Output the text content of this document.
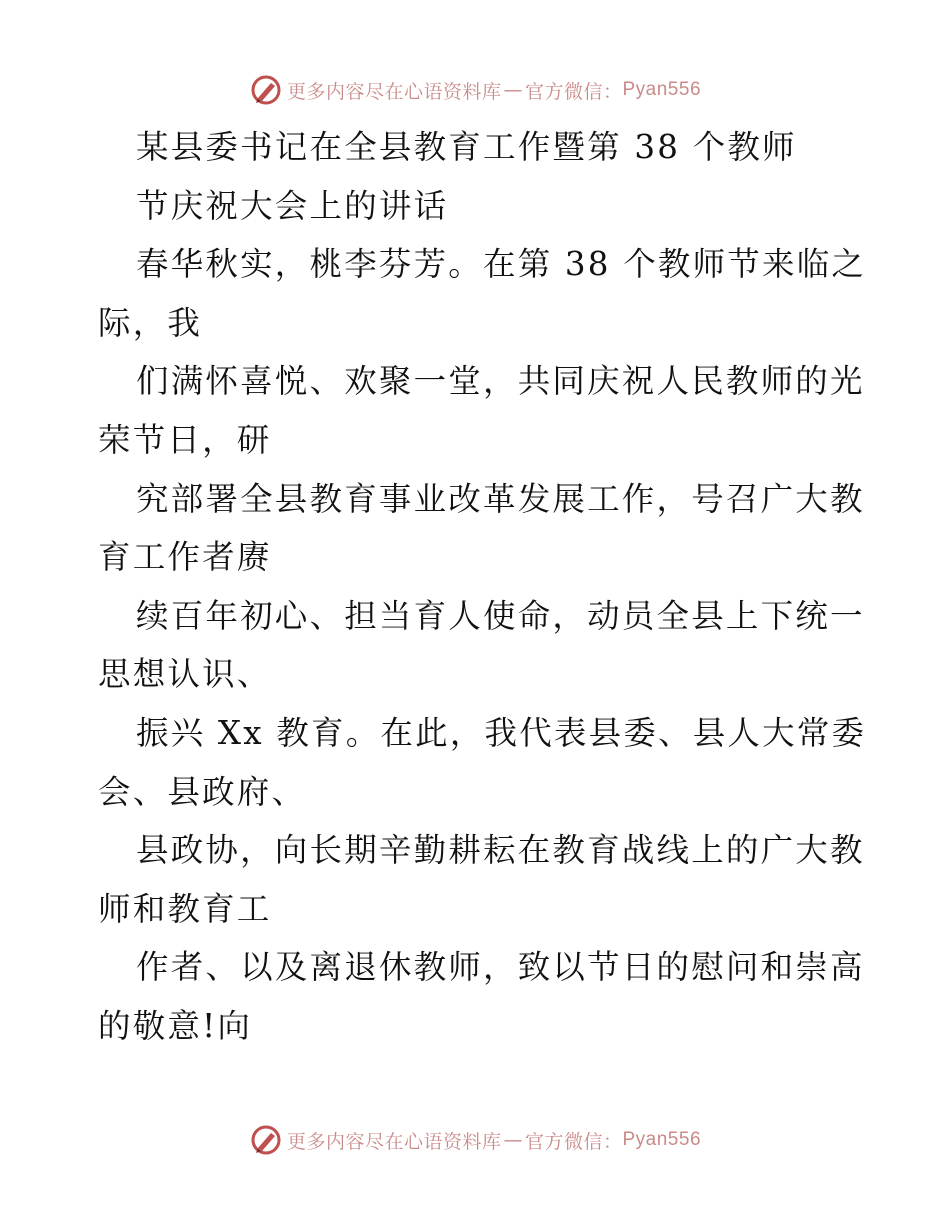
更多内容尽在心语资料库 — 官方微信： Pyan556
某县委书记在全县教育工作暨第 38 个教师
节庆祝大会上的讲话
春华秋实，桃李芬芳。在第 38 个教师节来临之
际，我
们满怀喜悦、欢聚一堂，共同庆祝人民教师的光
荣节日，研
究部署全县教育事业改革发展工作，号召广大教
育工作者赓
续百年初心、担当育人使命，动员全县上下统一
思想认识、
振兴 Xx 教育。在此，我代表县委、县人大常委
会、县政府、
县政协，向长期辛勤耕耘在教育战线上的广大教
师和教育工
作者、以及离退休教师，致以节日的慰问和崇高
的敬意!向
更多内容尽在心语资料库 — 官方微信： Pyan556
